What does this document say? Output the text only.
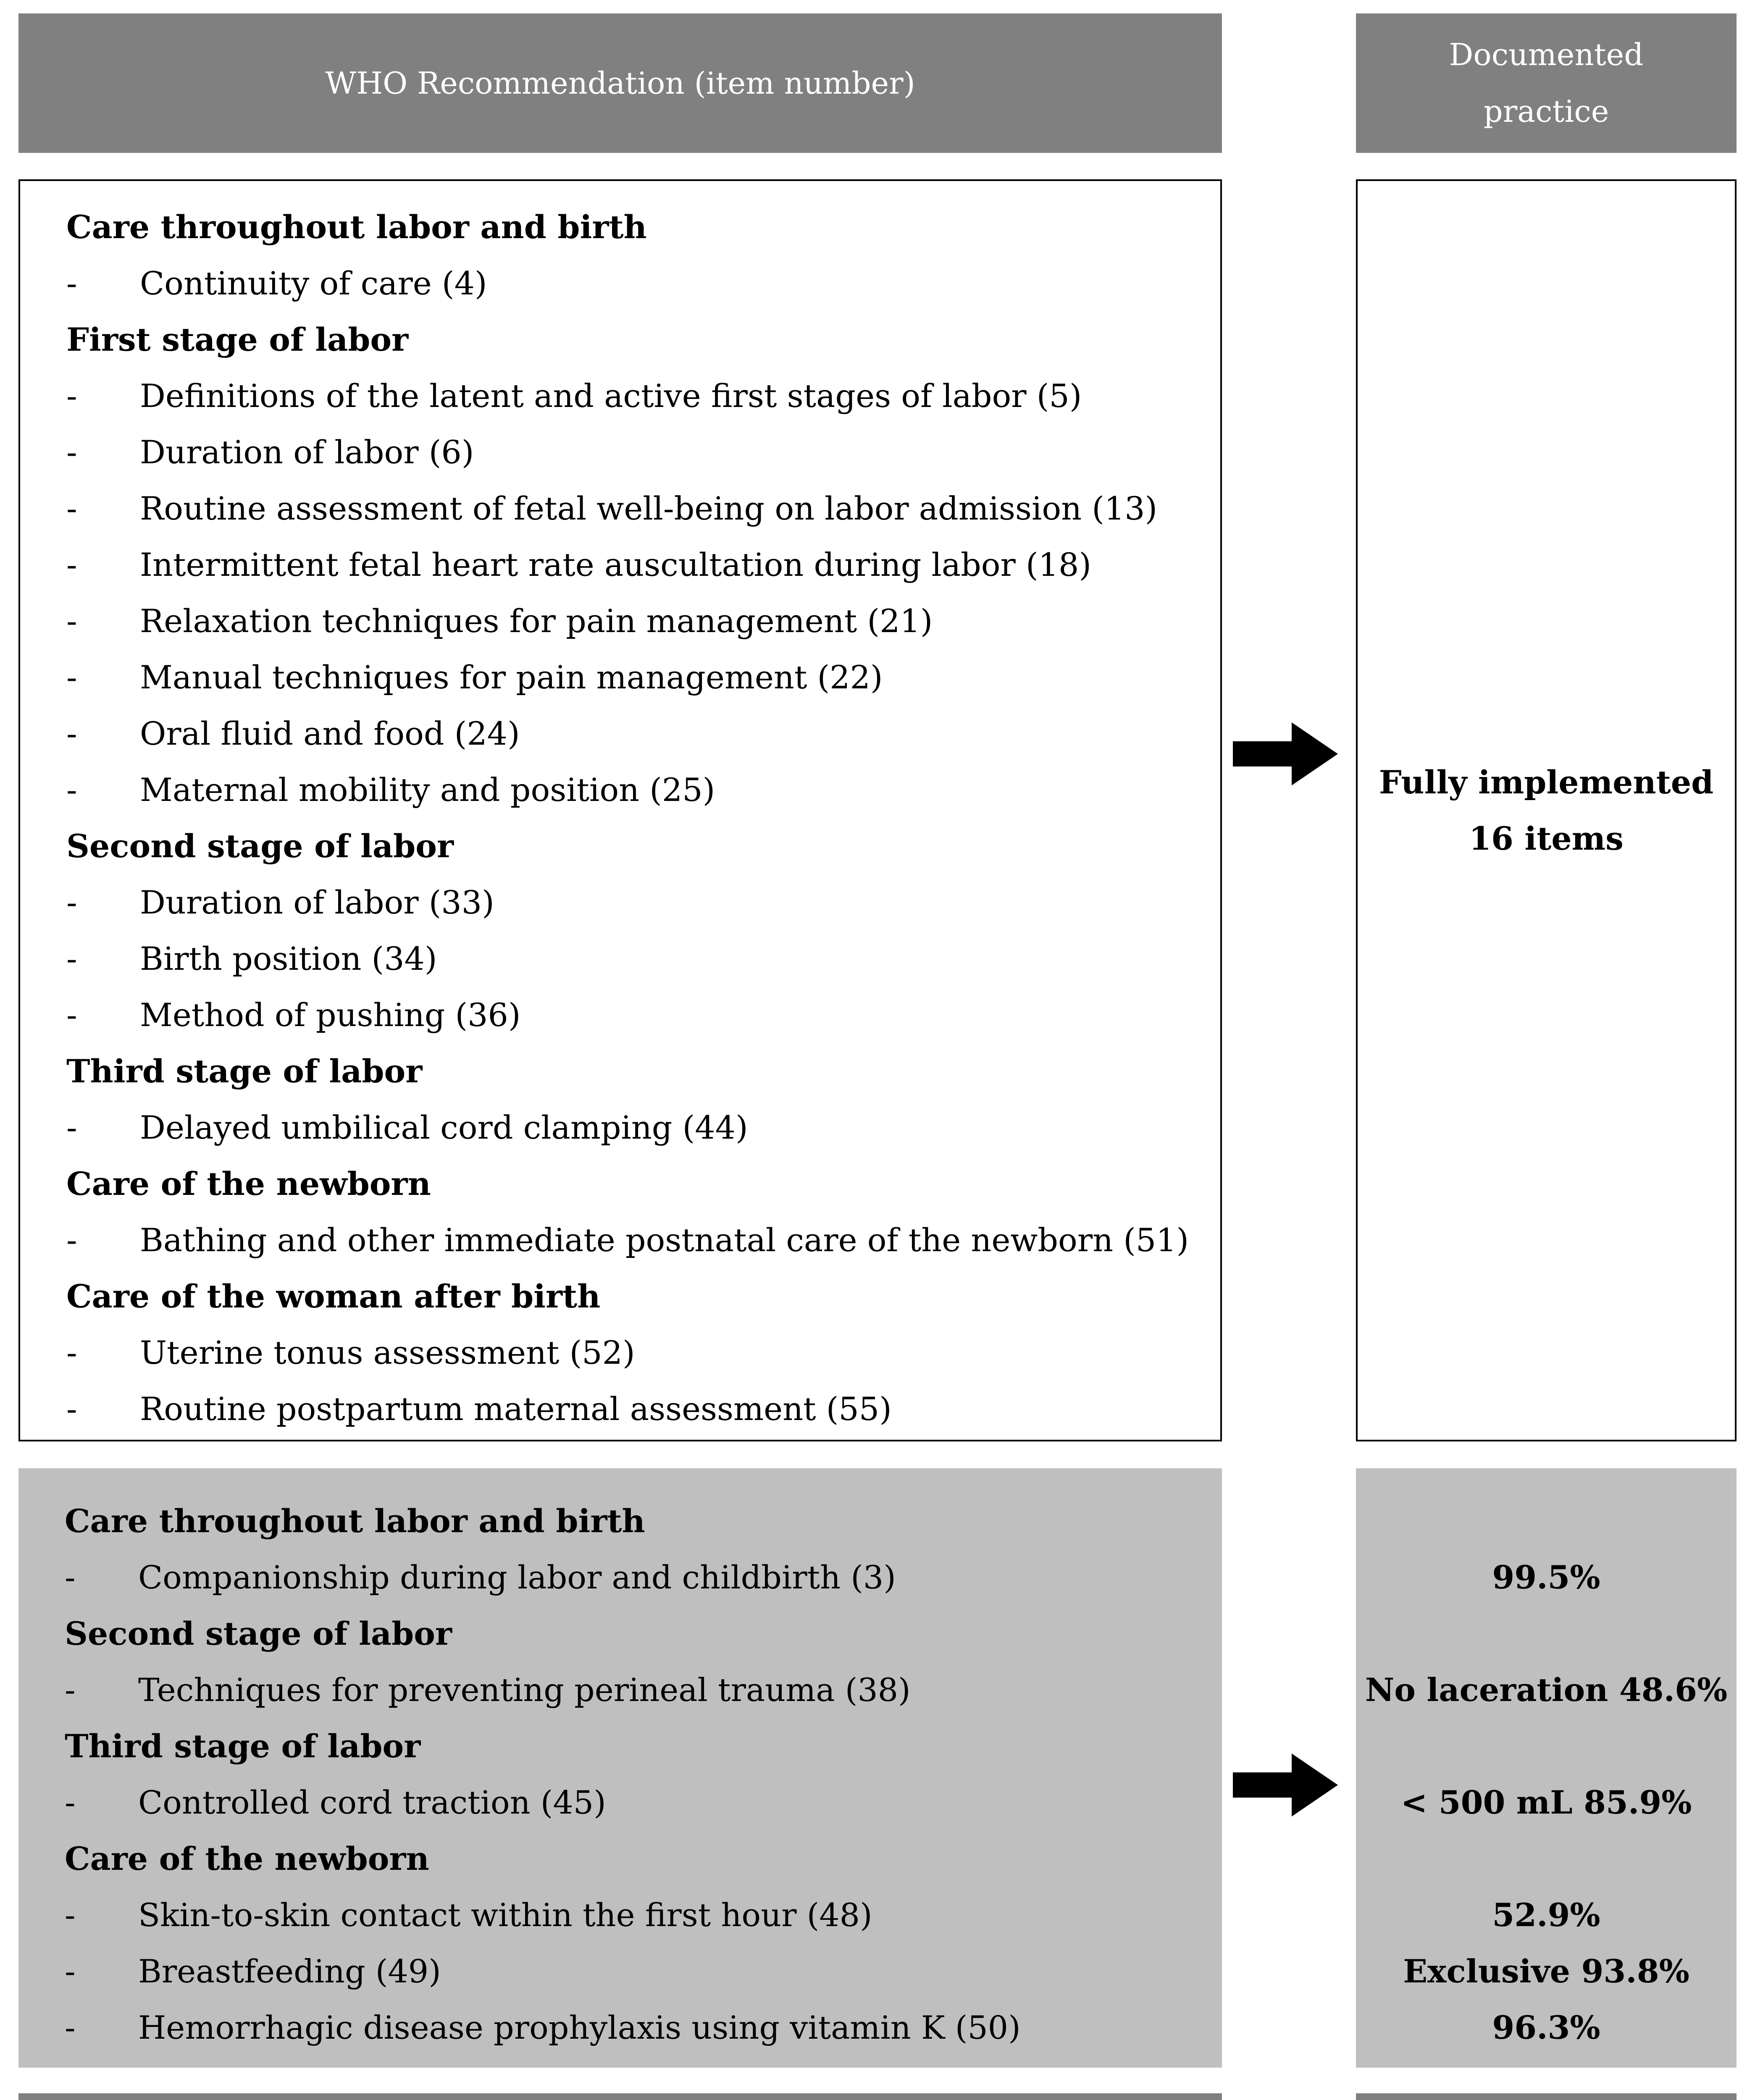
WHO Recommendation (item number)
Documented
practice
Care throughout labor and birth
- Continuity of care (4)
First stage of labor
- Definitions of the latent and active first stages of labor (5)
- Duration of labor (6)
- Routine assessment of fetal well-being on labor admission (13)
- Intermittent fetal heart rate auscultation during labor (18)
- Relaxation techniques for pain management (21)
- Manual techniques for pain management (22)
- Oral fluid and food (24)
- Maternal mobility and position (25)
Second stage of labor
- Duration of labor (33)
- Birth position (34)
- Method of pushing (36)
Third stage of labor
- Delayed umbilical cord clamping (44)
Care of the newborn
- Bathing and other immediate postnatal care of the newborn (51)
Care of the woman after birth
- Uterine tonus assessment (52)
- Routine postpartum maternal assessment (55)
Fully implemented
16 items
Care throughout labor and birth
- Companionship during labor and childbirth (3)
Second stage of labor
- Techniques for preventing perineal trauma (38)
Third stage of labor
- Controlled cord traction (45)
Care of the newborn
- Skin-to-skin contact within the first hour (48)
- Breastfeeding (49)
- Hemorrhagic disease prophylaxis using vitamin K (50)
99.5%
No laceration 48.6%
< 500 mL 85.9%
52.9%
Exclusive 93.8%
96.3%
